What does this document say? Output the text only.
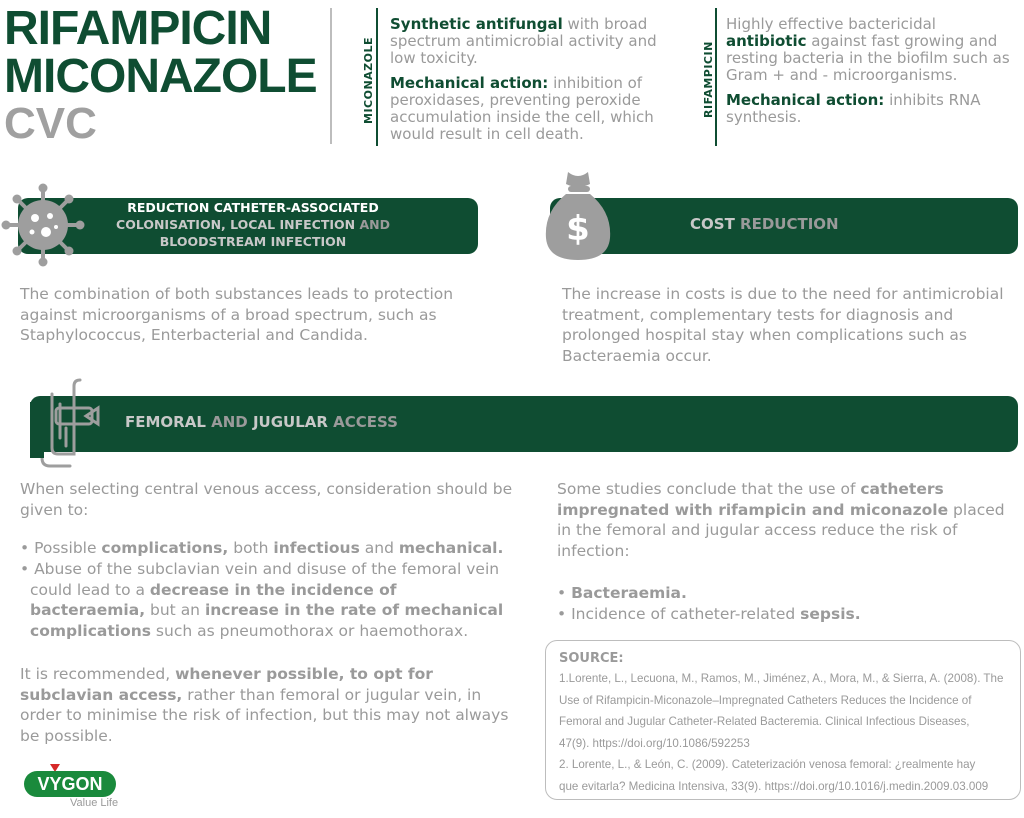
RIFAMPICIN
MICONAZOLE
CVC	MICONAZOLE
Synthetic antifungal with broad
spectrum antimicrobial activity and
low toxicity.
Mechanical action: inhibition of
peroxidases, preventing peroxide
accumulation inside the cell, which
would result in cell death.
RIFAMPICIN
Highly effective bactericidal
antibiotic against fast growing and
resting bacteria in the biofilm such as
Gram + and - microorganisms.
Mechanical action: inhibits RNA
synthesis.
REDUCTION CATHETER-ASSOCIATED
COLONISATION, LOCAL INFECTION AND
BLOODSTREAM INFECTION
COST REDUCTION
$
The combination of both substances leads to protection
against microorganisms of a broad spectrum, such as
Staphylococcus, Enterbacterial and Candida.
The increase in costs is due to the need for antimicrobial
treatment, complementary tests for diagnosis and
prolonged hospital stay when complications such as
Bacteraemia occur.
FEMORAL AND JUGULAR ACCESS
When selecting central venous access, consideration should be
given to:
• Possible complications, both infectious and mechanical.
• Abuse of the subclavian vein and disuse of the femoral vein
could lead to a decrease in the incidence of
bacteraemia, but an increase in the rate of mechanical
complications such as pneumothorax or haemothorax.
It is recommended, whenever possible, to opt for
subclavian access, rather than femoral or jugular vein, in
order to minimise the risk of infection, but this may not always
be possible.
Some studies conclude that the use of catheters
impregnated with rifampicin and miconazole placed
in the femoral and jugular access reduce the risk of
infection:
• Bacteraemia.
• Incidence of catheter-related sepsis.
SOURCE:
1.Lorente, L., Lecuona, M., Ramos, M., Jiménez, A., Mora, M., & Sierra, A. (2008). The
Use of Rifampicin-Miconazole–Impregnated Catheters Reduces the Incidence of
Femoral and Jugular Catheter-Related Bacteremia. Clinical Infectious Diseases,
47(9). https://doi.org/10.1086/592253
2. Lorente, L., & León, C. (2009). Cateterización venosa femoral: ¿realmente hay
que evitarla? Medicina Intensiva, 33(9). https://doi.org/10.1016/j.medin.2009.03.009
VYGON
Value Life
